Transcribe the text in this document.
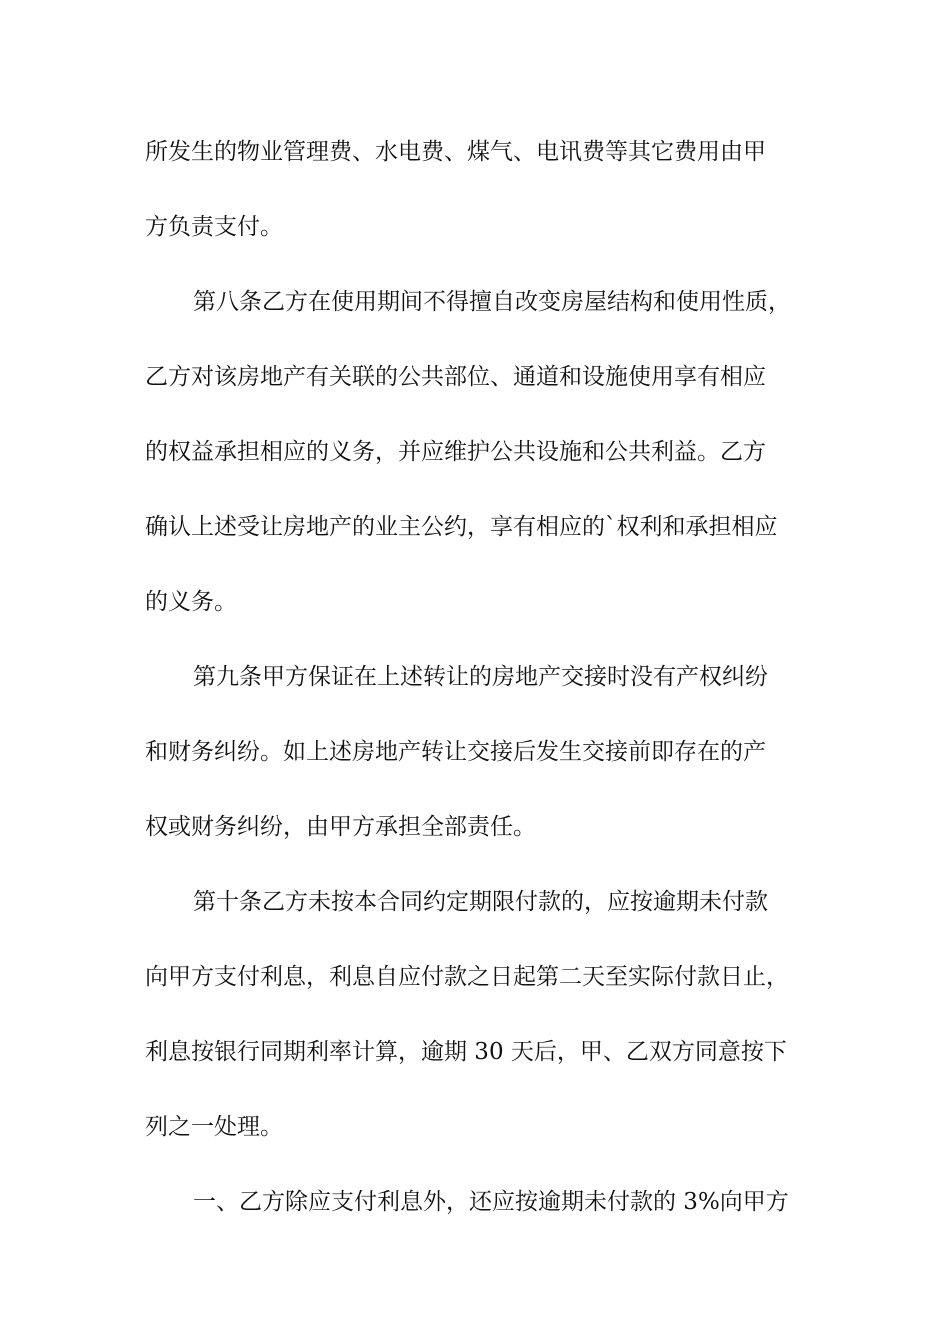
所发生的物业管理费、水电费、煤气、电讯费等其它费用由甲
方负责支付。
第八条乙方在使用期间不得擅自改变房屋结构和使用性质，
乙方对该房地产有关联的公共部位、通道和设施使用享有相应
的权益承担相应的义务，并应维护公共设施和公共利益。乙方
确认上述受让房地产的业主公约，享有相应的`权利和承担相应
的义务。
第九条甲方保证在上述转让的房地产交接时没有产权纠纷
和财务纠纷。如上述房地产转让交接后发生交接前即存在的产
权或财务纠纷，由甲方承担全部责任。
第十条乙方未按本合同约定期限付款的，应按逾期未付款
向甲方支付利息，利息自应付款之日起第二天至实际付款日止，
利息按银行同期利率计算，逾期 30 天后，甲、乙双方同意按下
列之一处理。
一、乙方除应支付利息外，还应按逾期未付款的 3%向甲方
